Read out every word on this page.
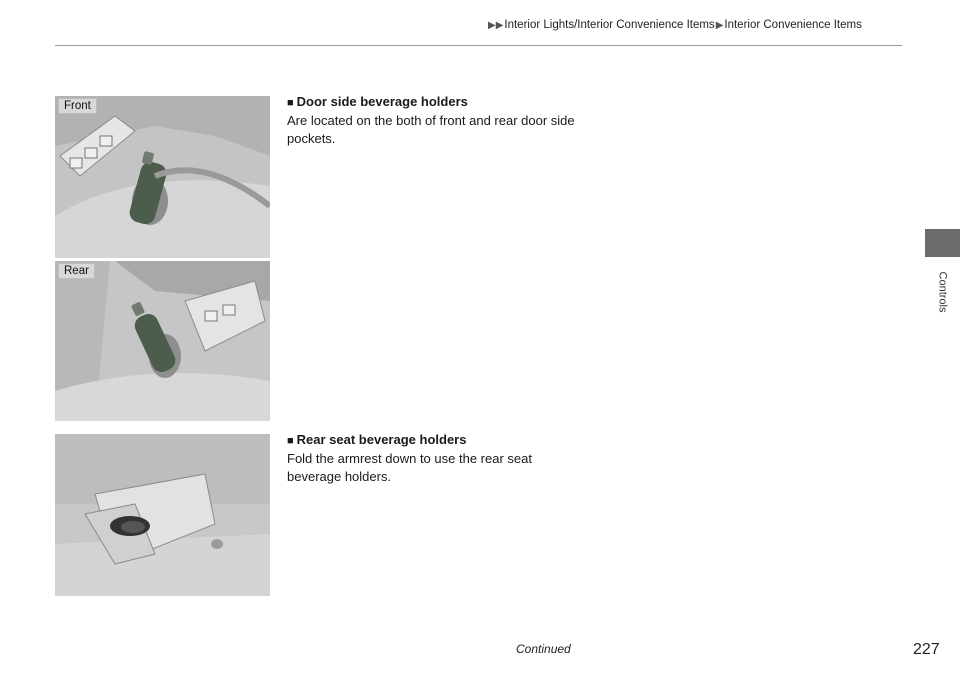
▶▶Interior Lights/Interior Convenience Items▶Interior Convenience Items
Controls
Front
Rear
■ Door side beverage holders

Are located on the both of front and rear door side pockets.

■ Rear seat beverage holders

Fold the armrest down to use the rear seat beverage holders.

Continued	227
